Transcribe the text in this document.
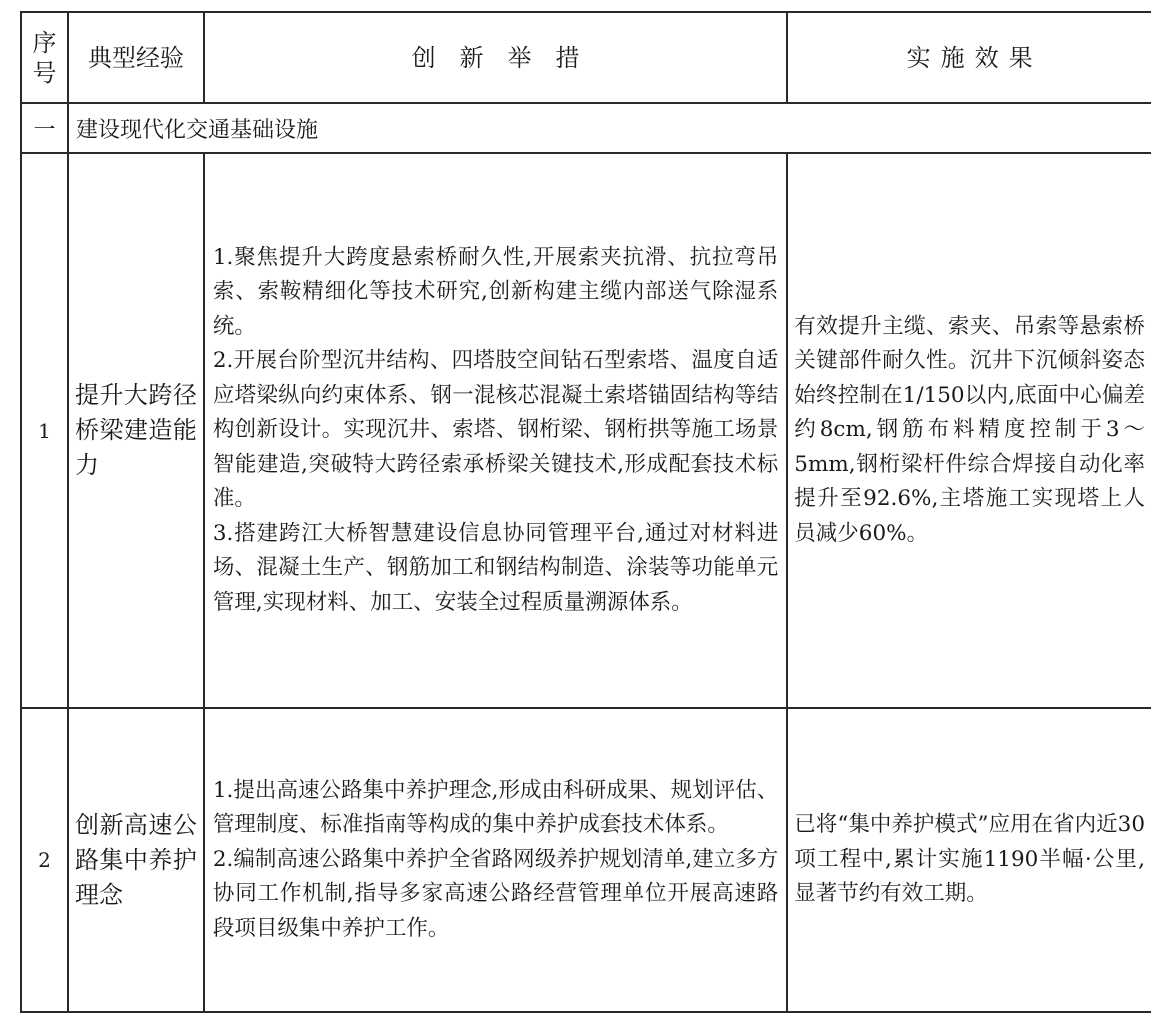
序号	典型经验	创新举措	实施效果
一	建设现代化交通基础设施		
1	提升大跨径桥梁建造能力	1.聚焦提升大跨度悬索桥耐久性,开展索夹抗滑、抗拉弯吊索、索鞍精细化等技术研究,创新构建主缆内部送气除湿系统。

2.开展台阶型沉井结构、四塔肢空间钻石型索塔、温度自适应塔梁纵向约束体系、钢一混核芯混凝土索塔锚固结构等结构创新设计。实现沉井、索塔、钢桁梁、钢桁拱等施工场景智能建造,突破特大跨径索承桥梁关键技术,形成配套技术标准。

3.搭建跨江大桥智慧建设信息协同管理平台,通过对材料进场、混凝土生产、钢筋加工和钢结构制造、涂装等功能单元管理,实现材料、加工、安装全过程质量溯源体系。	有效提升主缆、索夹、吊索等悬索桥关键部件耐久性。沉井下沉倾斜姿态始终控制在1/150以内,底面中心偏差约8cm,钢筋布料精度控制于3～5mm,钢桁梁杆件综合焊接自动化率提升至92.6%,主塔施工实现塔上人员减少60%。
2	创新高速公路集中养护理念	1.提出高速公路集中养护理念,形成由科研成果、规划评估、管理制度、标准指南等构成的集中养护成套技术体系。

2.编制高速公路集中养护全省路网级养护规划清单,建立多方协同工作机制,指导多家高速公路经营管理单位开展高速路段项目级集中养护工作。	已将“集中养护模式”应用在省内近30项工程中,累计实施1190半幅·公里,显著节约有效工期。
